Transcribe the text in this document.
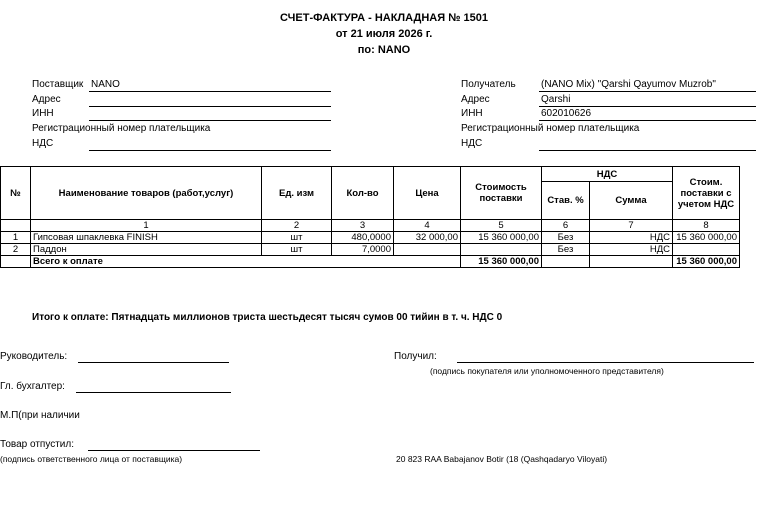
СЧЕТ-ФАКТУРА - НАКЛАДНАЯ № 1501
от 21 июля 2026 г.
по: NANO
Поставщик NANO
Адрес
ИНН
Регистрационный номер плательщика
НДС
Получатель	(NANO Mix) "Qarshi Qayumov Muzrob"
Адрес	Qarshi
ИНН	602010626
Регистрационный номер плательщика
НДС
№	Наименование товаров (работ,услуг)	Ед. изм	Кол-во	Цена	Стоимость поставки	НДС		Стоим. поставки с учетом НДС
						Став. %	Сумма	
	1	2	3	4	5	6	7	8
1	Гипсовая шпаклевка FINISH	шт	480,0000	32 000,00	15 360 000,00	Без	НДС	15 360 000,00
2	Паддон	шт	7,0000			Без	НДС	
	Всего к оплате				15 360 000,00			15 360 000,00
Итого к оплате: Пятнадцать миллионов триста шестьдесят тысяч сумов 00 тийин в т. ч. НДС 0
Руководитель:	Получил:
(подпись покупателя или уполномоченного представителя)
Гл. бухгалтер:
М.П(при наличии
Товар отпустил:
(подпись ответственного лица от поставщика)	20 823 RAA Babajanov Botir (18 (Qashqadaryo Viloyati)
